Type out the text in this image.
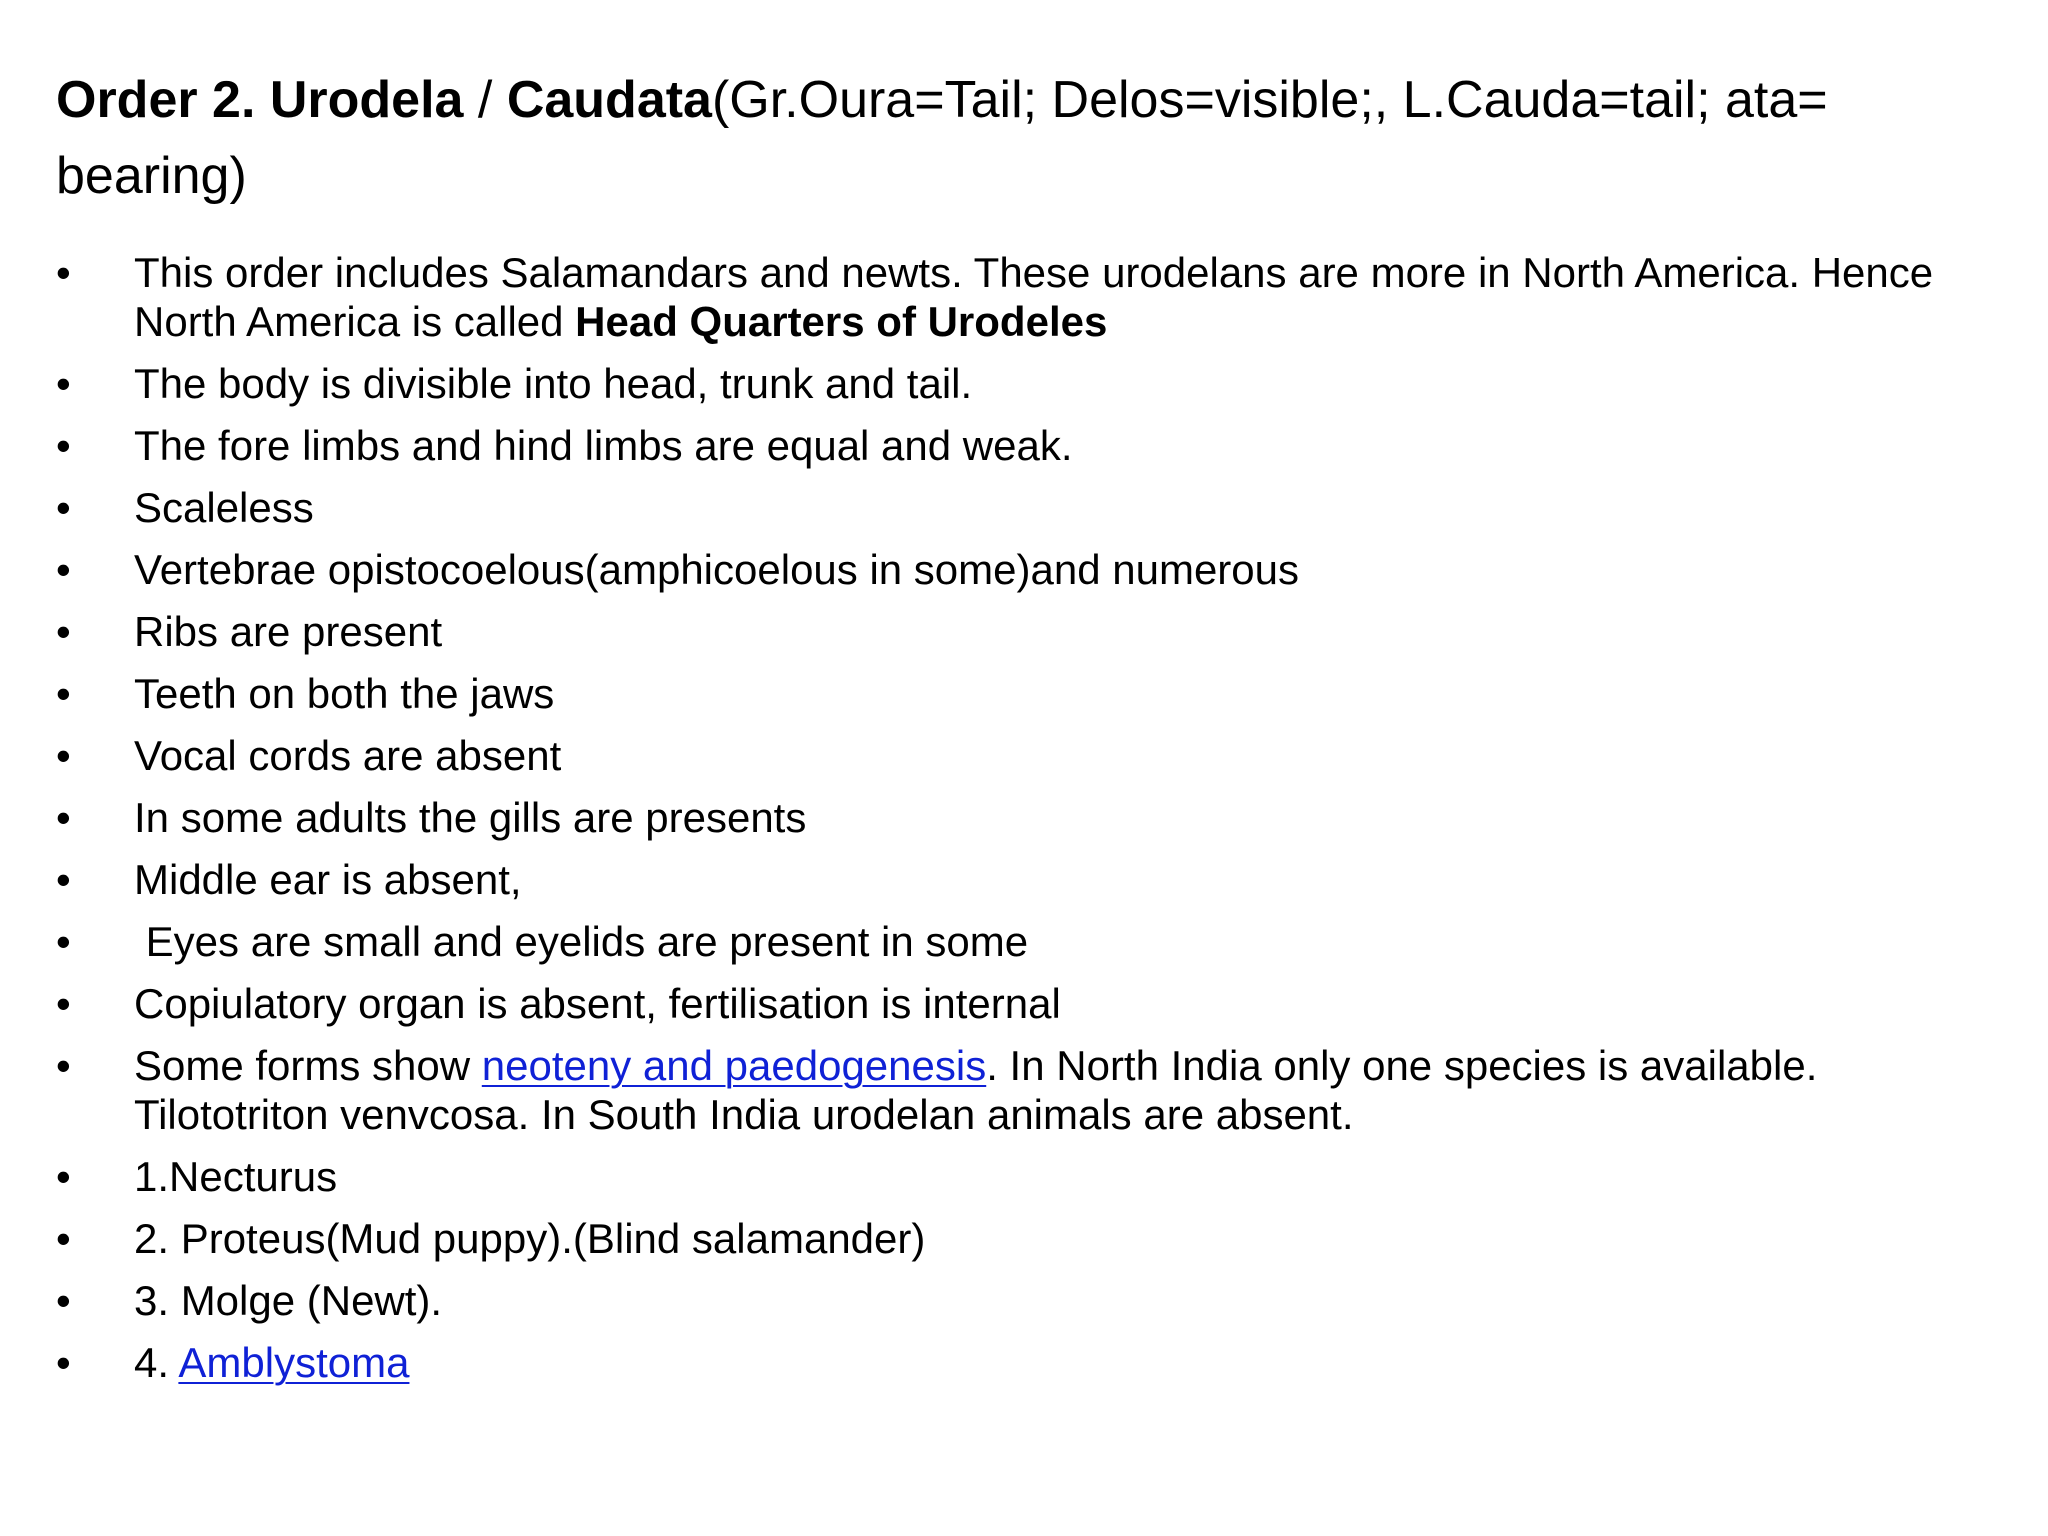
Order 2. Urodela / Caudata(Gr.Oura=Tail; Delos=visible;, L.Cauda=tail; ata= bearing)
•	This order includes Salamandars and newts. These urodelans are more in North America. Hence North America is called Head Quarters of Urodeles
•	The body is divisible into head, trunk and tail.
•	The fore limbs and hind limbs are equal and weak.
•	Scaleless
•	Vertebrae opistocoelous(amphicoelous in some)and numerous
•	Ribs are present
•	Teeth on both the jaws
•	Vocal cords are absent
•	In some adults the gills are presents
•	Middle ear is absent,
•	Eyes are small and eyelids are present in some
•	Copiulatory organ is absent, fertilisation is internal
•	Some forms show neoteny and paedogenesis. In North India only one species is available. Tilototriton venvcosa. In South India urodelan animals are absent.
•	1.Necturus
•	2. Proteus(Mud puppy).(Blind salamander)
•	3. Molge (Newt).
•	4. Amblystoma
